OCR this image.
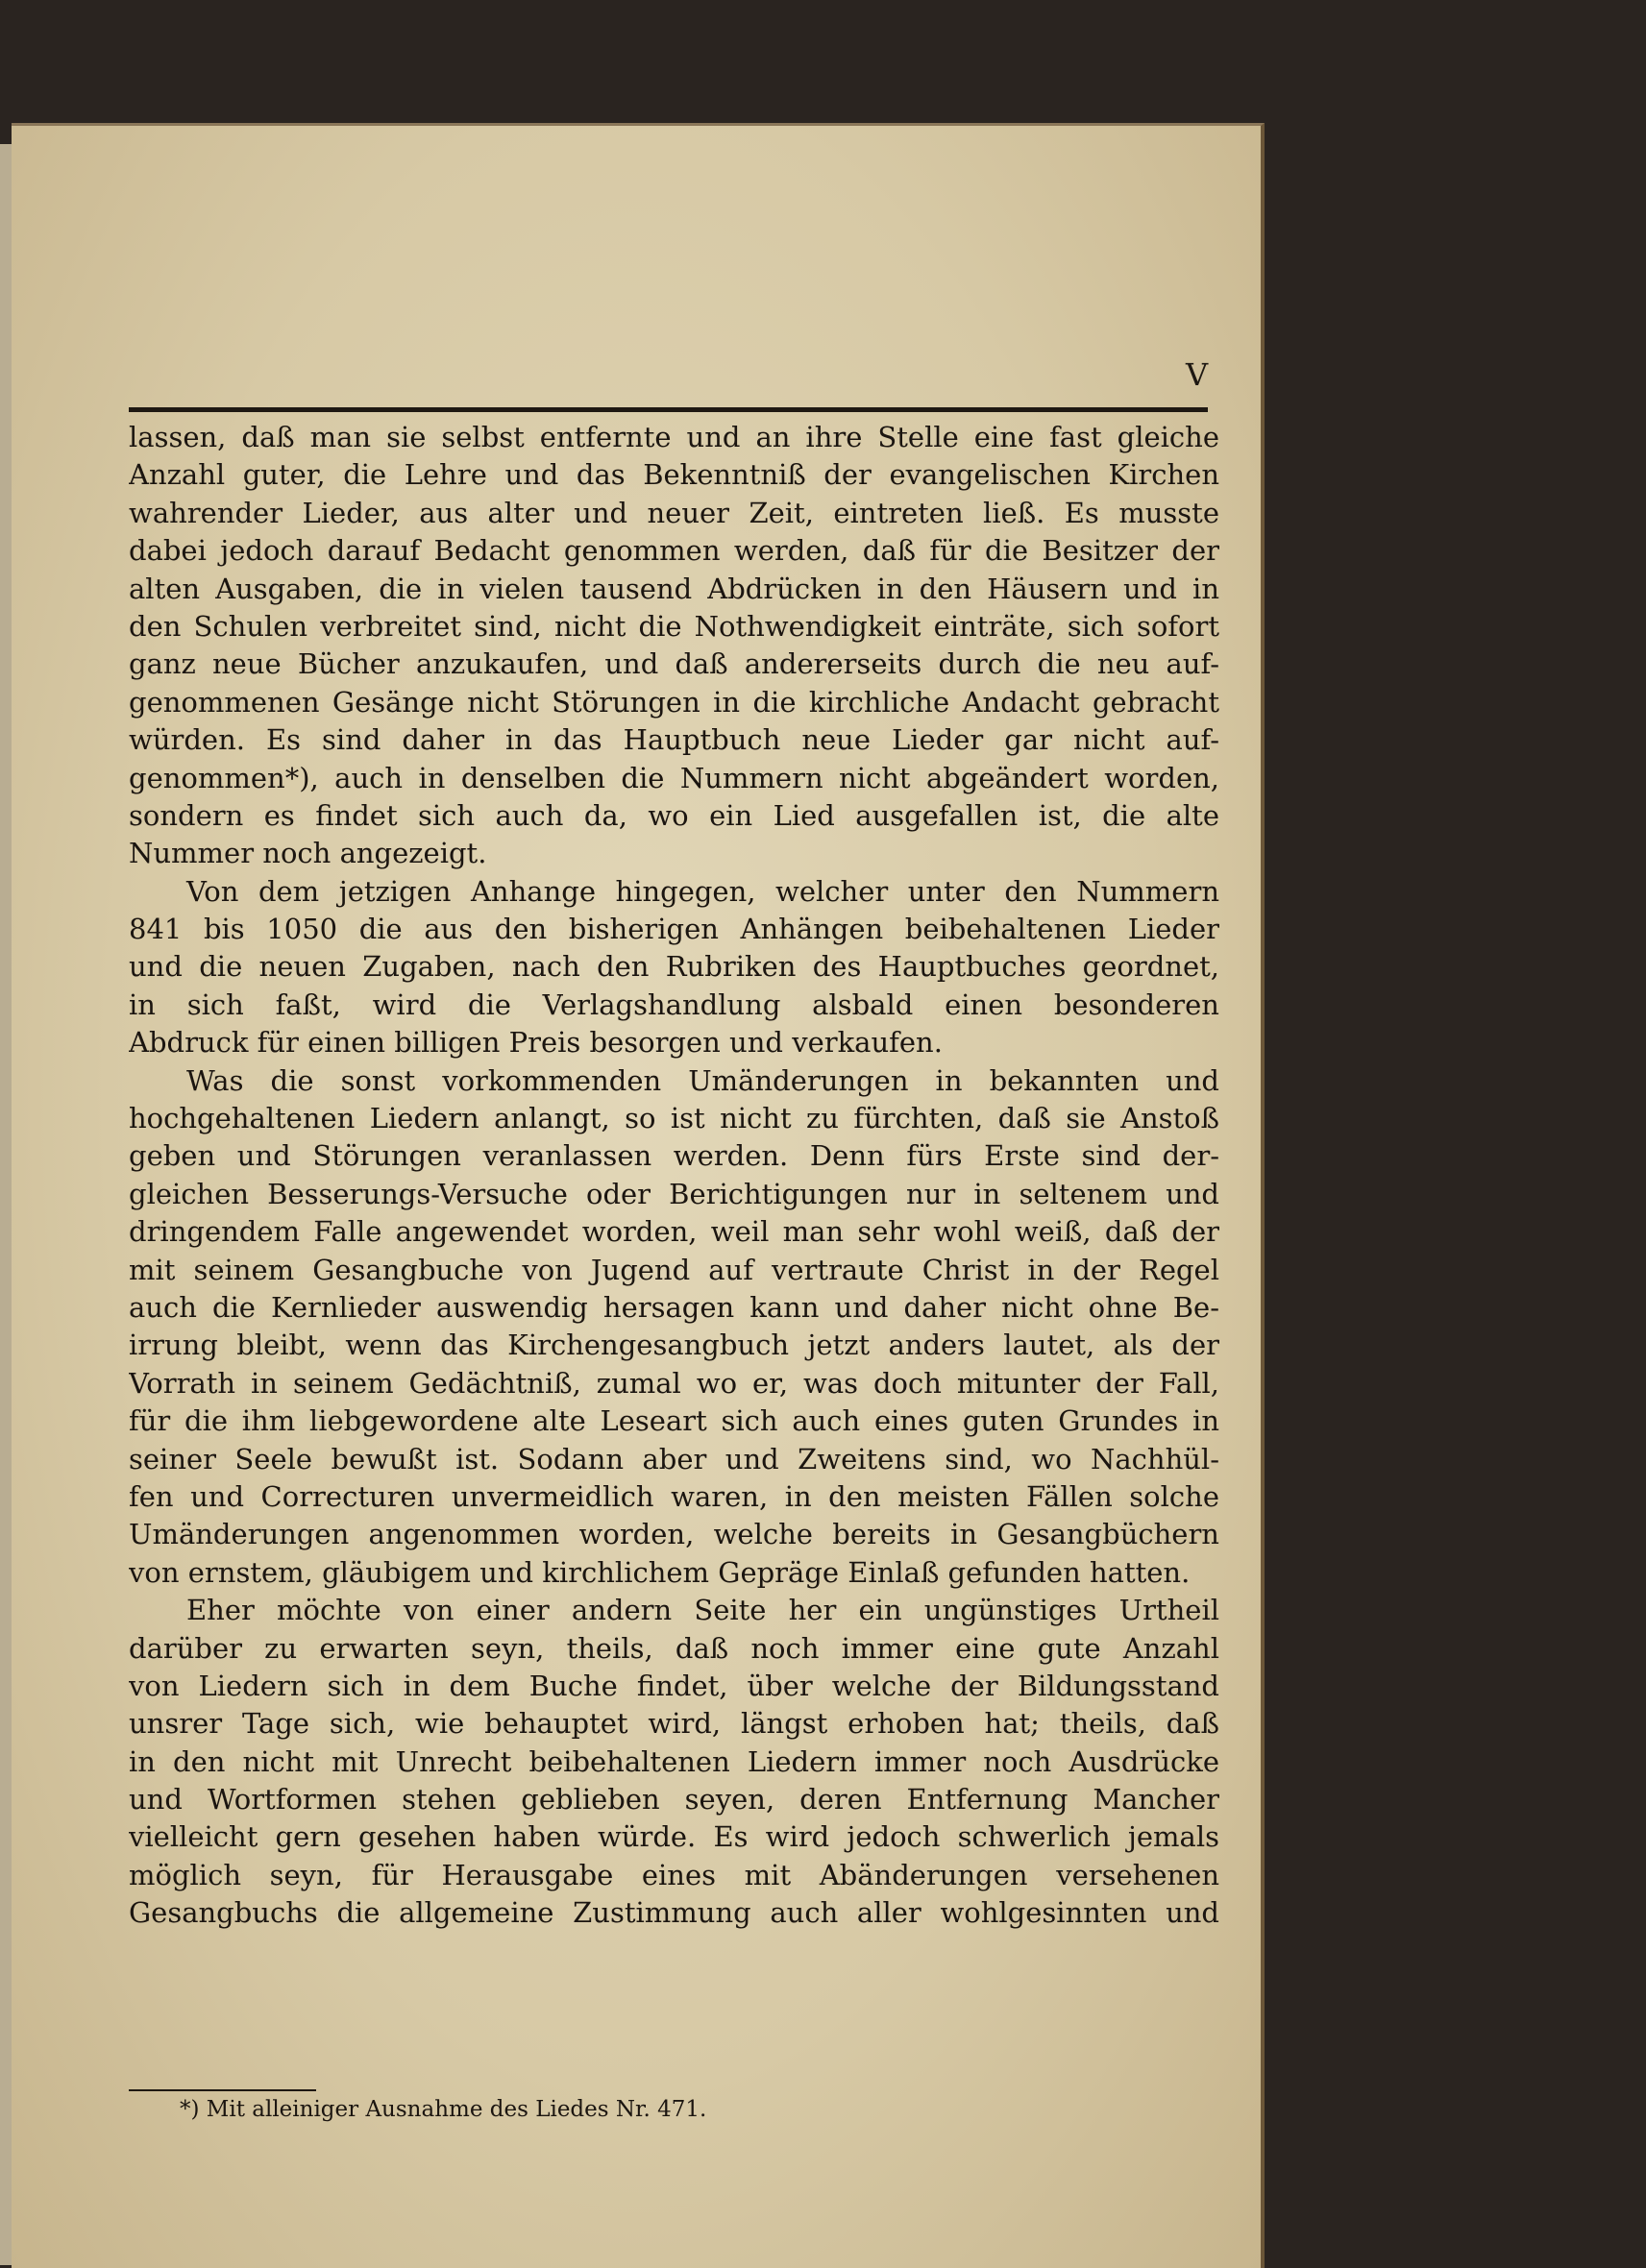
V
lassen, daß man sie selbst entfernte und an ihre Stelle eine fast gleiche
Anzahl guter, die Lehre und das Bekenntniß der evangelischen Kirchen
wahrender Lieder, aus alter und neuer Zeit, eintreten ließ. Es musste
dabei jedoch darauf Bedacht genommen werden, daß für die Besitzer der
alten Ausgaben, die in vielen tausend Abdrücken in den Häusern und in
den Schulen verbreitet sind, nicht die Nothwendigkeit einträte, sich sofort
ganz neue Bücher anzukaufen, und daß andererseits durch die neu auf-
genommenen Gesänge nicht Störungen in die kirchliche Andacht gebracht
würden. Es sind daher in das Hauptbuch neue Lieder gar nicht auf-
genommen*), auch in denselben die Nummern nicht abgeändert worden,
sondern es findet sich auch da, wo ein Lied ausgefallen ist, die alte
Nummer noch angezeigt.
Von dem jetzigen Anhange hingegen, welcher unter den Nummern
841 bis 1050 die aus den bisherigen Anhängen beibehaltenen Lieder
und die neuen Zugaben, nach den Rubriken des Hauptbuches geordnet,
in sich faßt, wird die Verlagshandlung alsbald einen besonderen
Abdruck für einen billigen Preis besorgen und verkaufen.
Was die sonst vorkommenden Umänderungen in bekannten und
hochgehaltenen Liedern anlangt, so ist nicht zu fürchten, daß sie Anstoß
geben und Störungen veranlassen werden. Denn fürs Erste sind der-
gleichen Besserungs-Versuche oder Berichtigungen nur in seltenem und
dringendem Falle angewendet worden, weil man sehr wohl weiß, daß der
mit seinem Gesangbuche von Jugend auf vertraute Christ in der Regel
auch die Kernlieder auswendig hersagen kann und daher nicht ohne Be-
irrung bleibt, wenn das Kirchengesangbuch jetzt anders lautet, als der
Vorrath in seinem Gedächtniß, zumal wo er, was doch mitunter der Fall,
für die ihm liebgewordene alte Leseart sich auch eines guten Grundes in
seiner Seele bewußt ist. Sodann aber und Zweitens sind, wo Nachhül-
fen und Correcturen unvermeidlich waren, in den meisten Fällen solche
Umänderungen angenommen worden, welche bereits in Gesangbüchern
von ernstem, gläubigem und kirchlichem Gepräge Einlaß gefunden hatten.
Eher möchte von einer andern Seite her ein ungünstiges Urtheil
darüber zu erwarten seyn, theils, daß noch immer eine gute Anzahl
von Liedern sich in dem Buche findet, über welche der Bildungsstand
unsrer Tage sich, wie behauptet wird, längst erhoben hat; theils, daß
in den nicht mit Unrecht beibehaltenen Liedern immer noch Ausdrücke
und Wortformen stehen geblieben seyen, deren Entfernung Mancher
vielleicht gern gesehen haben würde. Es wird jedoch schwerlich jemals
möglich seyn, für Herausgabe eines mit Abänderungen versehenen
Gesangbuchs die allgemeine Zustimmung auch aller wohlgesinnten und
*) Mit alleiniger Ausnahme des Liedes Nr. 471.
